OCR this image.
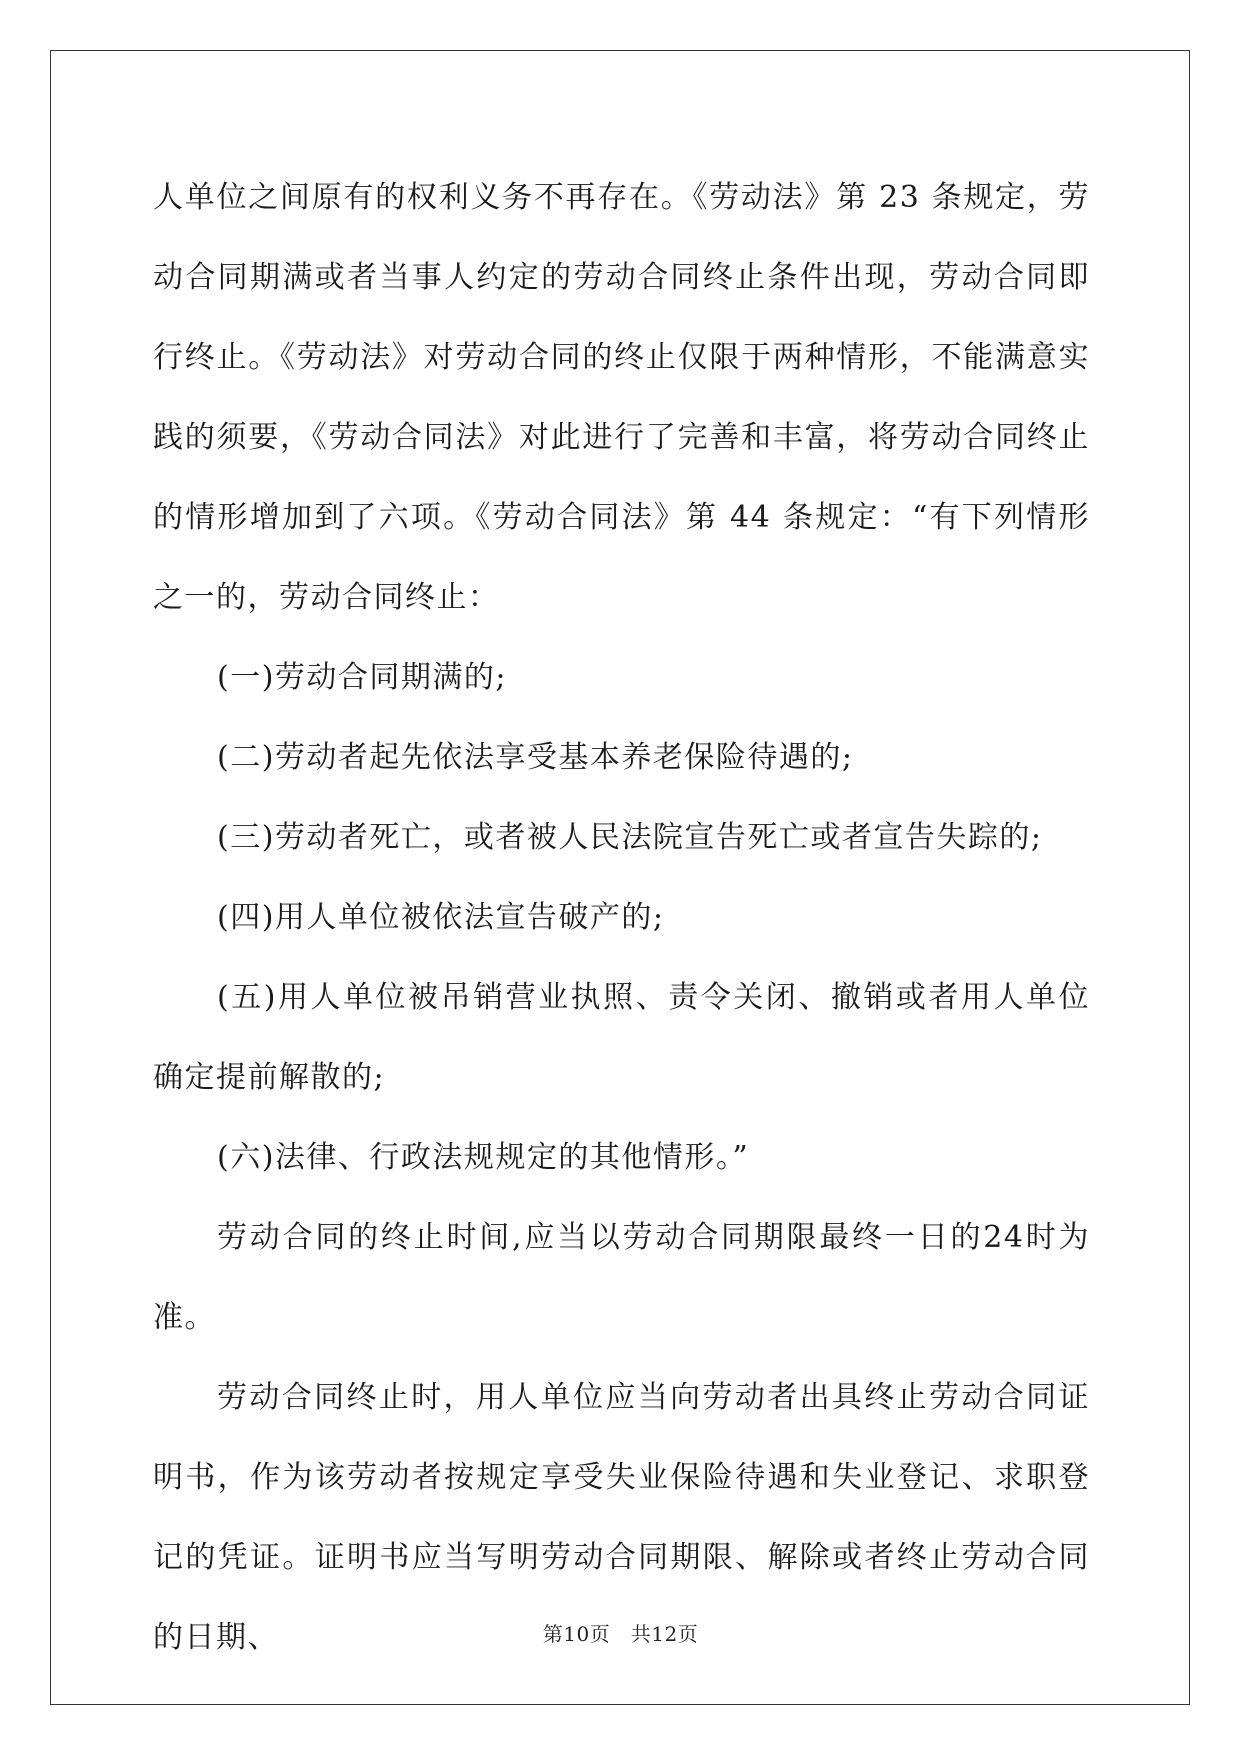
人单位之间原有的权利义务不再存在。《劳动法》第 23 条规定，劳动合同期满或者当事人约定的劳动合同终止条件出现，劳动合同即行终止。《劳动法》对劳动合同的终止仅限于两种情形，不能满意实践的须要，《劳动合同法》对此进行了完善和丰富，将劳动合同终止的情形增加到了六项。《劳动合同法》第 44 条规定：“有下列情形之一的，劳动合同终止：

(一)劳动合同期满的;

(二)劳动者起先依法享受基本养老保险待遇的;

(三)劳动者死亡，或者被人民法院宣告死亡或者宣告失踪的;

(四)用人单位被依法宣告破产的;

(五)用人单位被吊销营业执照、责令关闭、撤销或者用人单位确定提前解散的;

(六)法律、行政法规规定的其他情形。”

劳动合同的终止时间,应当以劳动合同期限最终一日的24时为准。

劳动合同终止时，用人单位应当向劳动者出具终止劳动合同证明书，作为该劳动者按规定享受失业保险待遇和失业登记、求职登记的凭证。证明书应当写明劳动合同期限、解除或者终止劳动合同的日期、	第10页 共12页
